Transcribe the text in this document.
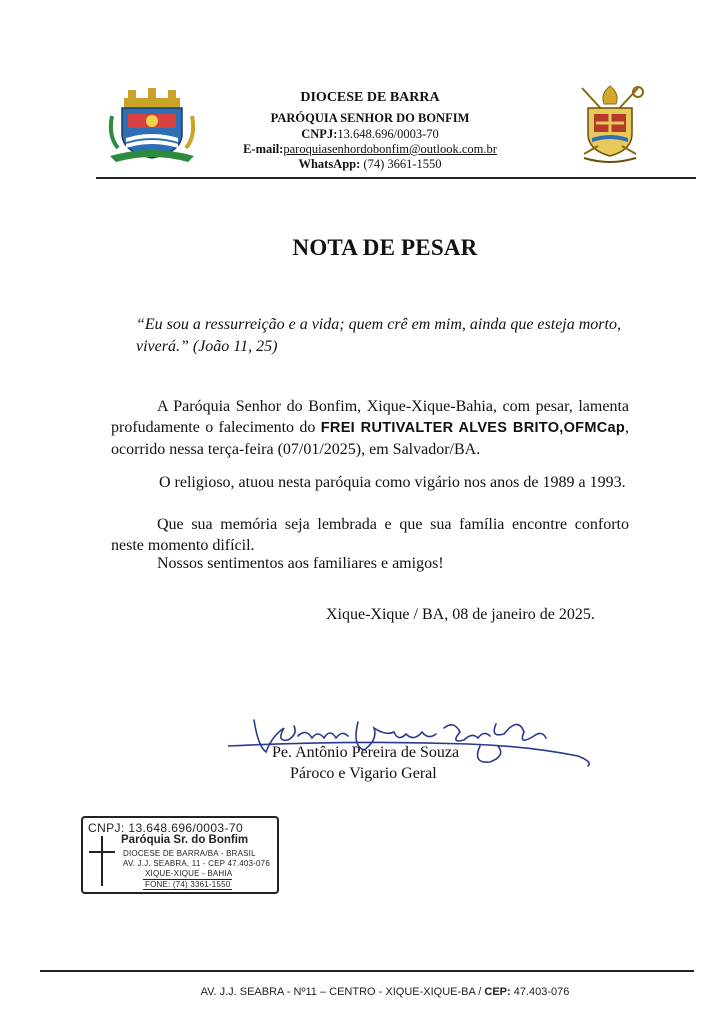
DIOCESE DE BARRA
PARÓQUIA SENHOR DO BONFIM
CNPJ:13.648.696/0003-70
E-mail:paroquiasenhordobonfim@outlook.com.br
WhatsApp: (74) 3661-1550
NOTA DE PESAR
“Eu sou a ressurreição e a vida; quem crê em mim, ainda que esteja morto, viverá.” (João 11, 25)
A Paróquia Senhor do Bonfim, Xique-Xique-Bahia, com pesar, lamenta profudamente o falecimento do FREI RUTIVALTER ALVES BRITO,OFMCap, ocorrido nessa terça-feira (07/01/2025), em Salvador/BA.
O religioso, atuou nesta paróquia como vigário nos anos de 1989 a 1993.
Que sua memória seja lembrada e que sua família encontre conforto neste momento difícil.
Nossos sentimentos aos familiares e amigos!
Xique-Xique / BA, 08 de janeiro de 2025.
Pe. Antônio Pereira de Souza
Pároco e Vigario Geral
CNPJ: 13.648.696/0003-70
Paróquia Sr. do Bonfim
DIOCESE DE BARRA/BA - BRASIL
AV. J.J. SEABRA, 11 - CEP 47.403-076
XIQUE-XIQUE - BAHIA
FONE: (74) 3361-1550
AV. J.J. SEABRA - Nº11 – CENTRO - XIQUE-XIQUE-BA / CEP: 47.403-076
